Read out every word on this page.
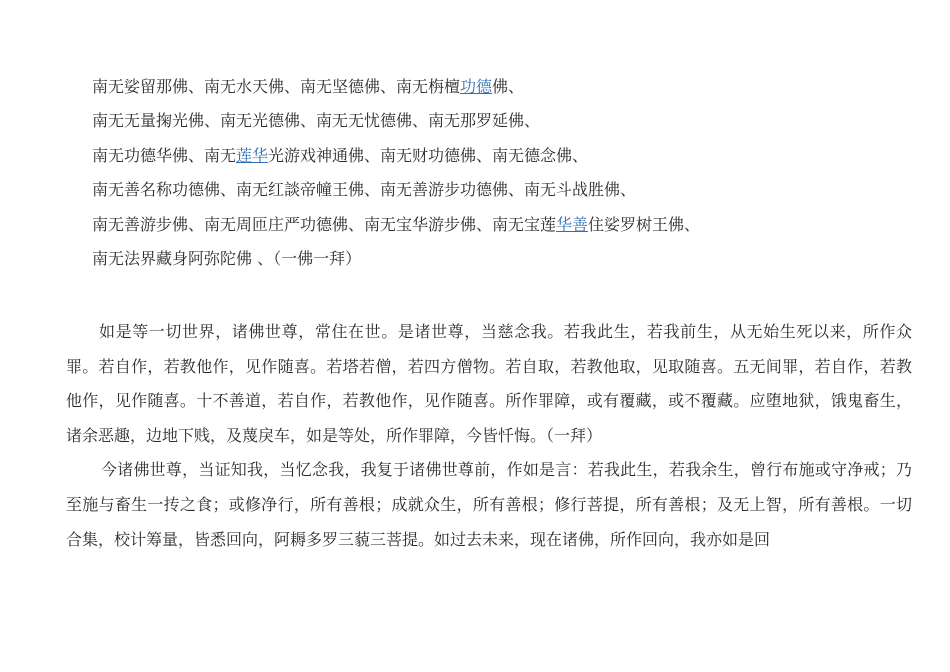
南无娑留那佛、南无水天佛、南无坚德佛、南无栴檀功德佛、
南无无量掬光佛、南无光德佛、南无无忧德佛、南无那罗延佛、
南无功德华佛、南无莲华光游戏神通佛、南无财功德佛、南无德念佛、
南无善名称功德佛、南无红談帝幢王佛、南无善游步功德佛、南无斗战胜佛、
南无善游步佛、南无周匝庄严功德佛、南无宝华游步佛、南无宝莲华善住娑罗树王佛、
南无法界藏身阿弥陀佛 、（一佛一拜）

如是等一切世界，诸佛世尊，常住在世。是诸世尊，当慈念我。若我此生，若我前生，从无始生死以来，所作众罪。若自作，若教他作，见作随喜。若塔若僧，若四方僧物。若自取，若教他取，见取随喜。五无间罪，若自作，若教他作，见作随喜。十不善道，若自作，若教他作，见作随喜。所作罪障，或有覆藏，或不覆藏。应堕地狱，饿鬼畜生，诸余恶趣，边地下贱，及蔑戾车，如是等处，所作罪障，今皆忏悔。（一拜）

今诸佛世尊，当证知我，当忆念我，我复于诸佛世尊前，作如是言：若我此生，若我余生，曾行布施或守净戒；乃至施与畜生一抟之食；或修净行，所有善根；成就众生，所有善根；修行菩提，所有善根；及无上智，所有善根。一切合集，校计筹量，皆悉回向，阿耨多罗三藐三菩提。如过去未来，现在诸佛，所作回向，我亦如是回
